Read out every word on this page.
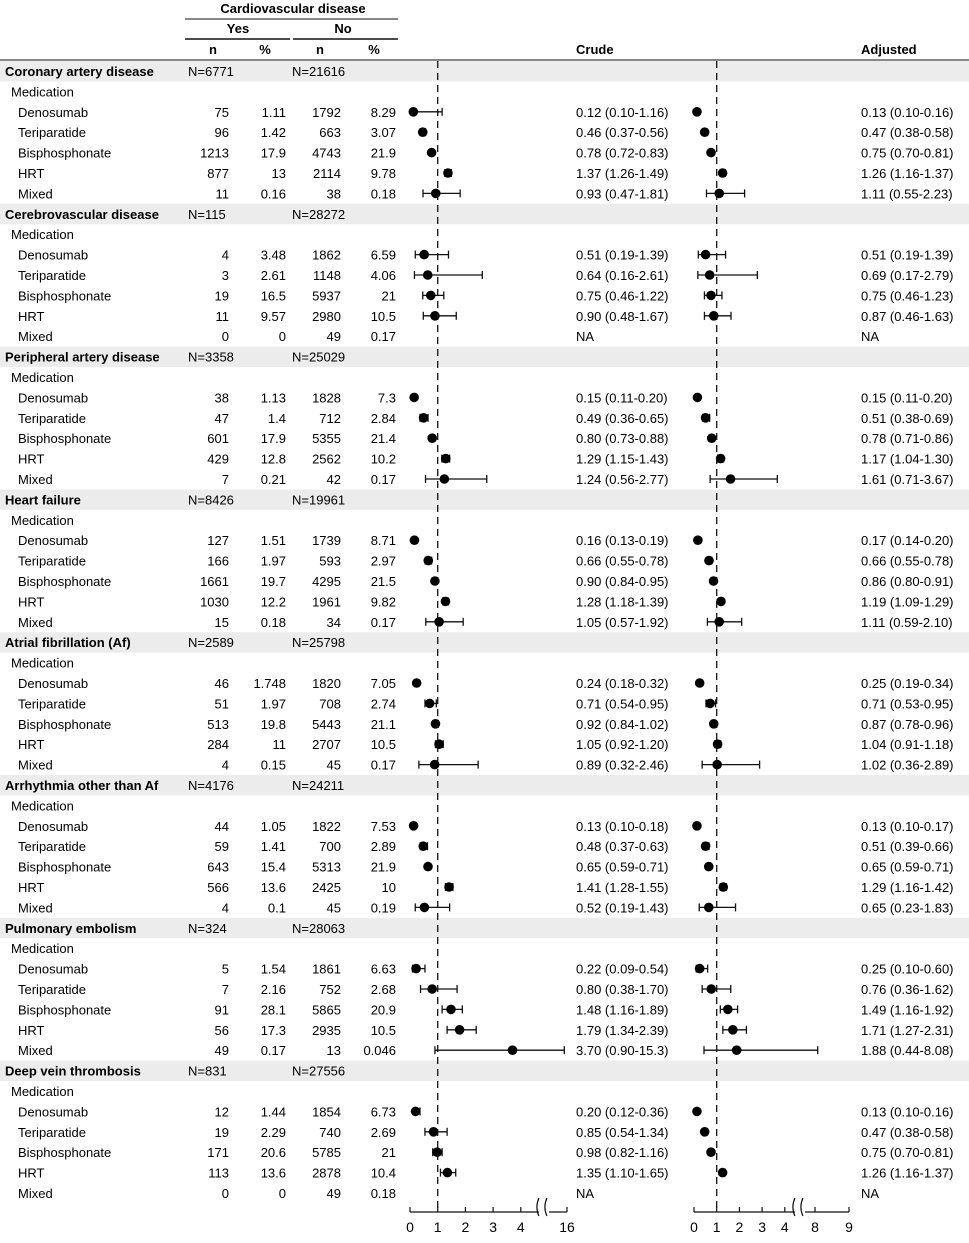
Cardiovascular disease
Yes	No
n	%	n	%	Crude	Adjusted
Coronary artery disease	N=6771	N=21616
Medication
Denosumab	75	1.11 1792 8.29	0.12 (0.10-1.16)	0.13 (0.10-0.16)
Teriparatide	96 1.42	663 3.07	0.46 (0.37-0.56)	0.47 (0.38-0.58)
Bisphosphonate	1213 17.9 4743 21.9	0.78 (0.72-0.83)	0.75 (0.70-0.81)
HRT	877	13 2114 9.78	1.37 (1.26-1.49)	1.26 (1.16-1.37)
Mixed	11 0.16	38 0.18	0.93 (0.47-1.81)	1.11 (0.55-2.23)
Cerebrovascular disease N=115	N=28272
Medication
Denosumab	4 3.48 1862 6.59	0.51 (0.19-1.39)	0.51 (0.19-1.39)
Teriparatide	3 2.61 1148 4.06	0.64 (0.16-2.61)	0.69 (0.17-2.79)
Bisphosphonate	19 16.5 5937	21	0.75 (0.46-1.22)	0.75 (0.46-1.23)
HRT	11 9.57 2980 10.5	0.90 (0.48-1.67)	0.87 (0.46-1.63)
Mixed	0	0	49 0.17	NA	NA
Peripheral artery disease N=3358	N=25029
Medication
Denosumab	38 1.13 1828	7.3	0.15 (0.11-0.20)	0.15 (0.11-0.20)
Teriparatide	47	1.4	712 2.84	0.49 (0.36-0.65)	0.51 (0.38-0.69)
Bisphosphonate	601 17.9 5355 21.4	0.80 (0.73-0.88)	0.78 (0.71-0.86)
HRT	429 12.8 2562 10.2	1.29 (1.15-1.43)	1.17 (1.04-1.30)
Mixed	7 0.21	42 0.17	1.24 (0.56-2.77)	1.61 (0.71-3.67)
Heart failure	N=8426	N=19961
Medication
Denosumab	127 1.51 1739 8.71	0.16 (0.13-0.19)	0.17 (0.14-0.20)
Teriparatide	166 1.97	593 2.97	0.66 (0.55-0.78)	0.66 (0.55-0.78)
Bisphosphonate	1661 19.7 4295 21.5	0.90 (0.84-0.95)	0.86 (0.80-0.91)
HRT	1030 12.2 1961 9.82	1.28 (1.18-1.39)	1.19 (1.09-1.29)
Mixed	15 0.18	34 0.17	1.05 (0.57-1.92)	1.11 (0.59-2.10)
Atrial fibrillation (Af)	N=2589	N=25798
Medication
Denosumab	46 1.748 1820 7.05	0.24 (0.18-0.32)	0.25 (0.19-0.34)
Teriparatide	51 1.97	708 2.74	0.71 (0.54-0.95)	0.71 (0.53-0.95)
Bisphosphonate	513 19.8 5443 21.1	0.92 (0.84-1.02)	0.87 (0.78-0.96)
HRT	284	11 2707 10.5	1.05 (0.92-1.20)	1.04 (0.91-1.18)
Mixed	4 0.15	45 0.17	0.89 (0.32-2.46)	1.02 (0.36-2.89)
Arrhythmia other than Af N=4176	N=24211
Medication
Denosumab	44 1.05 1822 7.53	0.13 (0.10-0.18)	0.13 (0.10-0.17)
Teriparatide	59 1.41	700 2.89	0.48 (0.37-0.63)	0.51 (0.39-0.66)
Bisphosphonate	643 15.4 5313 21.9	0.65 (0.59-0.71)	0.65 (0.59-0.71)
HRT	566 13.6 2425	10	1.41 (1.28-1.55)	1.29 (1.16-1.42)
Mixed	4	0.1	45 0.19	0.52 (0.19-1.43)	0.65 (0.23-1.83)
Pulmonary embolism	N=324	N=28063
Medication
Denosumab	5 1.54 1861 6.63	0.22 (0.09-0.54)	0.25 (0.10-0.60)
Teriparatide	7 2.16	752 2.68	0.80 (0.38-1.70)	0.76 (0.36-1.62)
Bisphosphonate	91 28.1 5865 20.9	1.48 (1.16-1.89)	1.49 (1.16-1.92)
HRT	56 17.3 2935 10.5	1.79 (1.34-2.39)	1.71 (1.27-2.31)
Mixed	49 0.17	13 0.046	3.70 (0.90-15.3)	1.88 (0.44-8.08)
Deep vein thrombosis	N=831	N=27556
Medication
Denosumab	12 1.44 1854 6.73	0.20 (0.12-0.36)	0.13 (0.10-0.16)
Teriparatide	19 2.29	740 2.69	0.85 (0.54-1.34)	0.47 (0.38-0.58)
Bisphosphonate	171 20.6 5785	21	0.98 (0.82-1.16)	0.75 (0.70-0.81)
HRT	113 13.6 2878 10.4	1.35 (1.10-1.65)	1.26 (1.16-1.37)
Mixed	0	0	49 0.18	NA	NA
0 1 2 3 4 16	0 1 2 3 4 8 9
